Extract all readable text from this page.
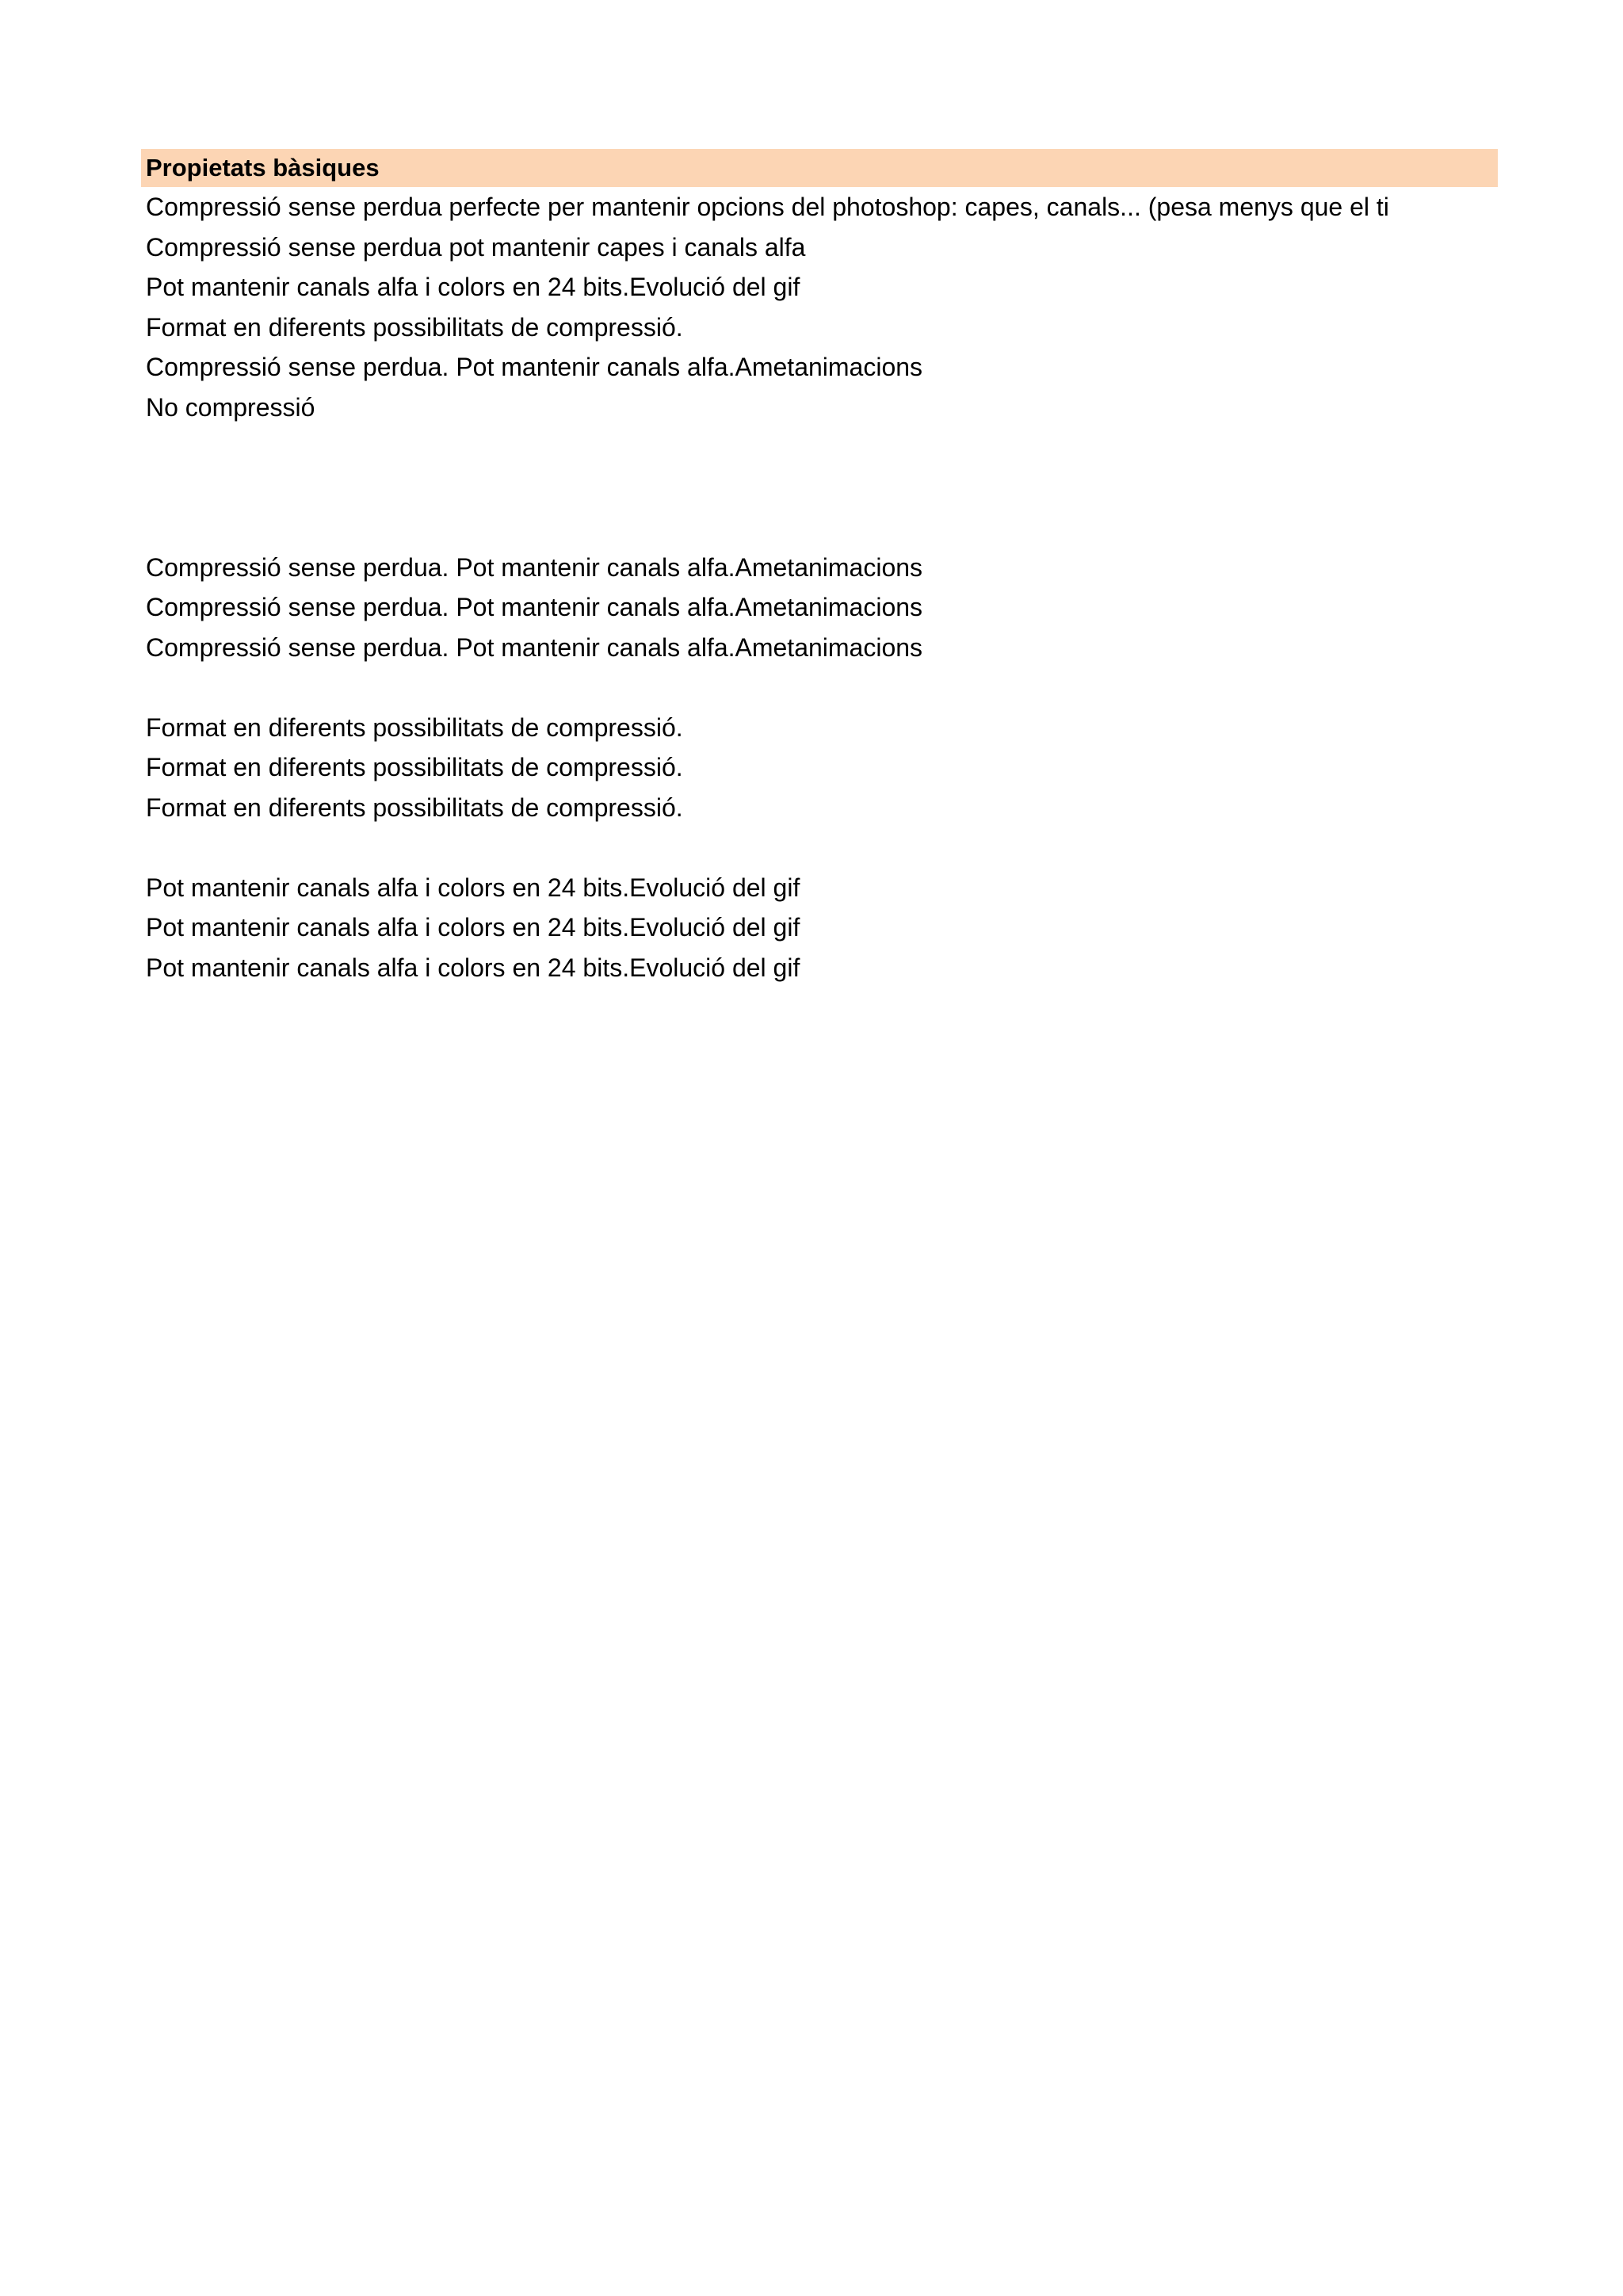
Propietats bàsiques
Compressió sense perdua perfecte per mantenir opcions del photoshop: capes, canals... (pesa menys que el ti
Compressió sense perdua pot mantenir capes i canals alfa
Pot mantenir canals alfa i colors en 24 bits.Evolució del gif
Format en diferents possibilitats de compressió.
Compressió sense perdua. Pot mantenir canals alfa.Ametanimacions
No compressió
Compressió sense perdua. Pot mantenir canals alfa.Ametanimacions
Compressió sense perdua. Pot mantenir canals alfa.Ametanimacions
Compressió sense perdua. Pot mantenir canals alfa.Ametanimacions
Format en diferents possibilitats de compressió.
Format en diferents possibilitats de compressió.
Format en diferents possibilitats de compressió.
Pot mantenir canals alfa i colors en 24 bits.Evolució del gif
Pot mantenir canals alfa i colors en 24 bits.Evolució del gif
Pot mantenir canals alfa i colors en 24 bits.Evolució del gif
